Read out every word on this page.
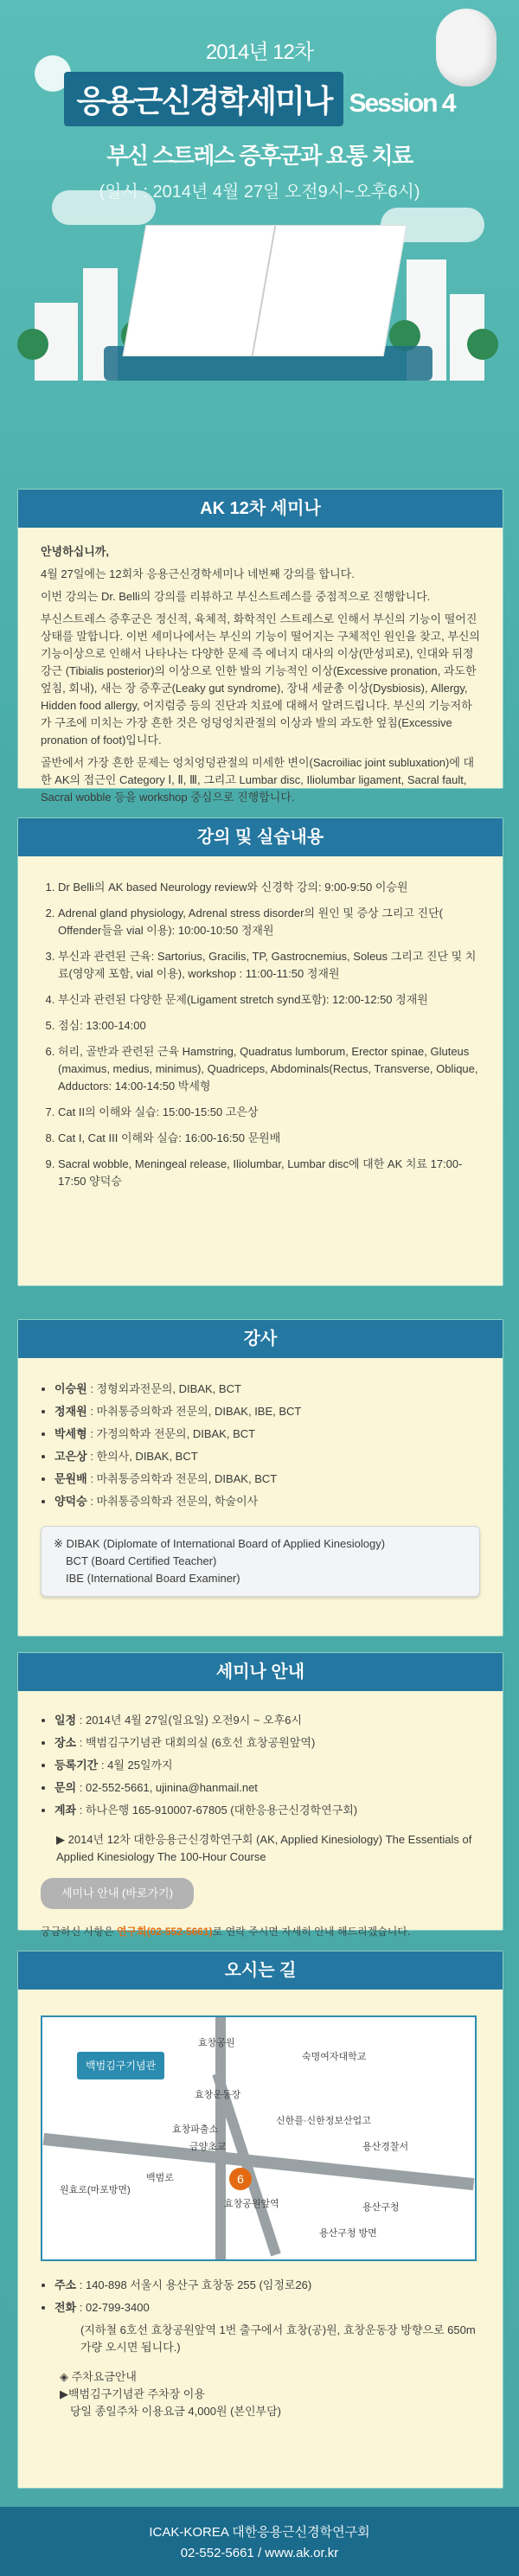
2014년 12차
응용근신경학세미나 Session 4
부신 스트레스 증후군과 요통 치료
(일시 : 2014년 4월 27일 오전9시~오후6시)
AK 12차 세미나

안녕하십니까,

4월 27일에는 12회차 응용근신경학세미나 네번째 강의를 합니다.

이번 강의는 Dr. Belli의 강의를 리뷰하고 부신스트레스를 중점적으로 진행합니다.

부신스트레스 증후군은 정신적, 육체적, 화학적인 스트레스로 인해서 부신의 기능이 떨어진 상태를 말합니다. 이번 세미나에서는 부신의 기능이 떨어지는 구체적인 원인을 찾고, 부신의 기능이상으로 인해서 나타나는 다양한 문제 즉 에너지 대사의 이상(만성피로), 인대와 뒤정강근 (Tibialis posterior)의 이상으로 인한 발의 기능적인 이상(Excessive pronation, 과도한 엎침, 회내), 새는 장 증후군(Leaky gut syndrome), 장내 세균총 이상(Dysbiosis), Allergy, Hidden food allergy, 어지럼증 등의 진단과 치료에 대해서 알려드립니다. 부신의 기능저하가 구조에 미치는 가장 흔한 것은 엉덩엉치관절의 이상과 발의 과도한 엎침(Excessive pronation of foot)입니다.

골반에서 가장 흔한 문제는 엉치엉덩관절의 미세한 변이(Sacroiliac joint subluxation)에 대한 AK의 접근인 Category Ⅰ, Ⅱ, Ⅲ, 그리고 Lumbar disc, Iliolumbar ligament, Sacral fault, Sacral wobble 등을 workshop 중심으로 진행합니다.

강의 및 실습내용
1. Dr Belli의 AK based Neurology review와 신경학 강의: 9:00-9:50 이승원
2. Adrenal gland physiology, Adrenal stress disorder의 원인 및 증상 그리고 진단( Offender들을 vial 이용): 10:00-10:50 정재원
3. 부신과 관련된 근육: Sartorius, Gracilis, TP, Gastrocnemius, Soleus 그리고 진단 및 치료(영양제 포함, vial 이용), workshop : 11:00-11:50 정재원
4. 부신과 관련된 다양한 문제(Ligament stretch synd포함): 12:00-12:50 정재원
5. 점심: 13:00-14:00
6. 허리, 골반과 관련된 근육 Hamstring, Quadratus lumborum, Erector spinae, Gluteus (maximus, medius, minimus), Quadriceps, Abdominals(Rectus, Transverse, Oblique, Adductors: 14:00-14:50 박세형
7. Cat II의 이해와 실습: 15:00-15:50 고은상
8. Cat I, Cat III 이해와 실습: 16:00-16:50 문원배
9. Sacral wobble, Meningeal release, Iliolumbar, Lumbar disc에 대한 AK 치료 17:00-17:50 양덕승
강사
• 이승원 : 정형외과전문의, DIBAK, BCT
• 정재원 : 마취통증의학과 전문의, DIBAK, IBE, BCT
• 박세형 : 가정의학과 전문의, DIBAK, BCT
• 고은상 : 한의사, DIBAK, BCT
• 문원배 : 마취통증의학과 전문의, DIBAK, BCT
• 양덕승 : 마취통증의학과 전문의, 학술이사
※ DIBAK (Diplomate of International Board of Applied Kinesiology)
BCT (Board Certified Teacher)
IBE (International Board Examiner)
세미나 안내
• 일정 : 2014년 4월 27일(일요일) 오전9시 ~ 오후6시
• 장소 : 백범김구기념관 대회의실 (6호선 효창공원앞역)
• 등록기간 : 4월 25일까지
• 문의 : 02-552-5661, ujinina@hanmail.net
• 계좌 : 하나은행 165-910007-67805 (대한응용근신경학연구회)
▶ 2014년 12차 대한응용근신경학연구회 (AK, Applied Kinesiology) The Essentials of Applied Kinesiology The 100-Hour Course
세미나 안내 (바로가기)
궁금하신 사항은 연구회(02-552-5661)로 연락 주시면 자세히 안내 해드리겠습니다.
오시는 길
백범김구기념관
6
숙명여자대학교
효창공원
효창운동장
효창파출소
금양초교
신한플·신한정보산업고
용산경찰서
용산구청
원효로(마포방면)
백범로
효창공원앞역
용산구청 방면
• 주소 : 140-898 서울시 용산구 효창동 255 (임정로26)
• 전화 : 02-799-3400
(지하철 6호선 효창공원앞역 1번 출구에서 효창(공)원, 효창운동장 방향으로 650m 가량 오시면 됩니다.)
◈ 주차요금안내
▶백범김구기념관 주차장 이용
당일 종일주차 이용요금 4,000원 (본인부담)
ICAK-KOREA 대한응용근신경학연구회
02-552-5661 / www.ak.or.kr
